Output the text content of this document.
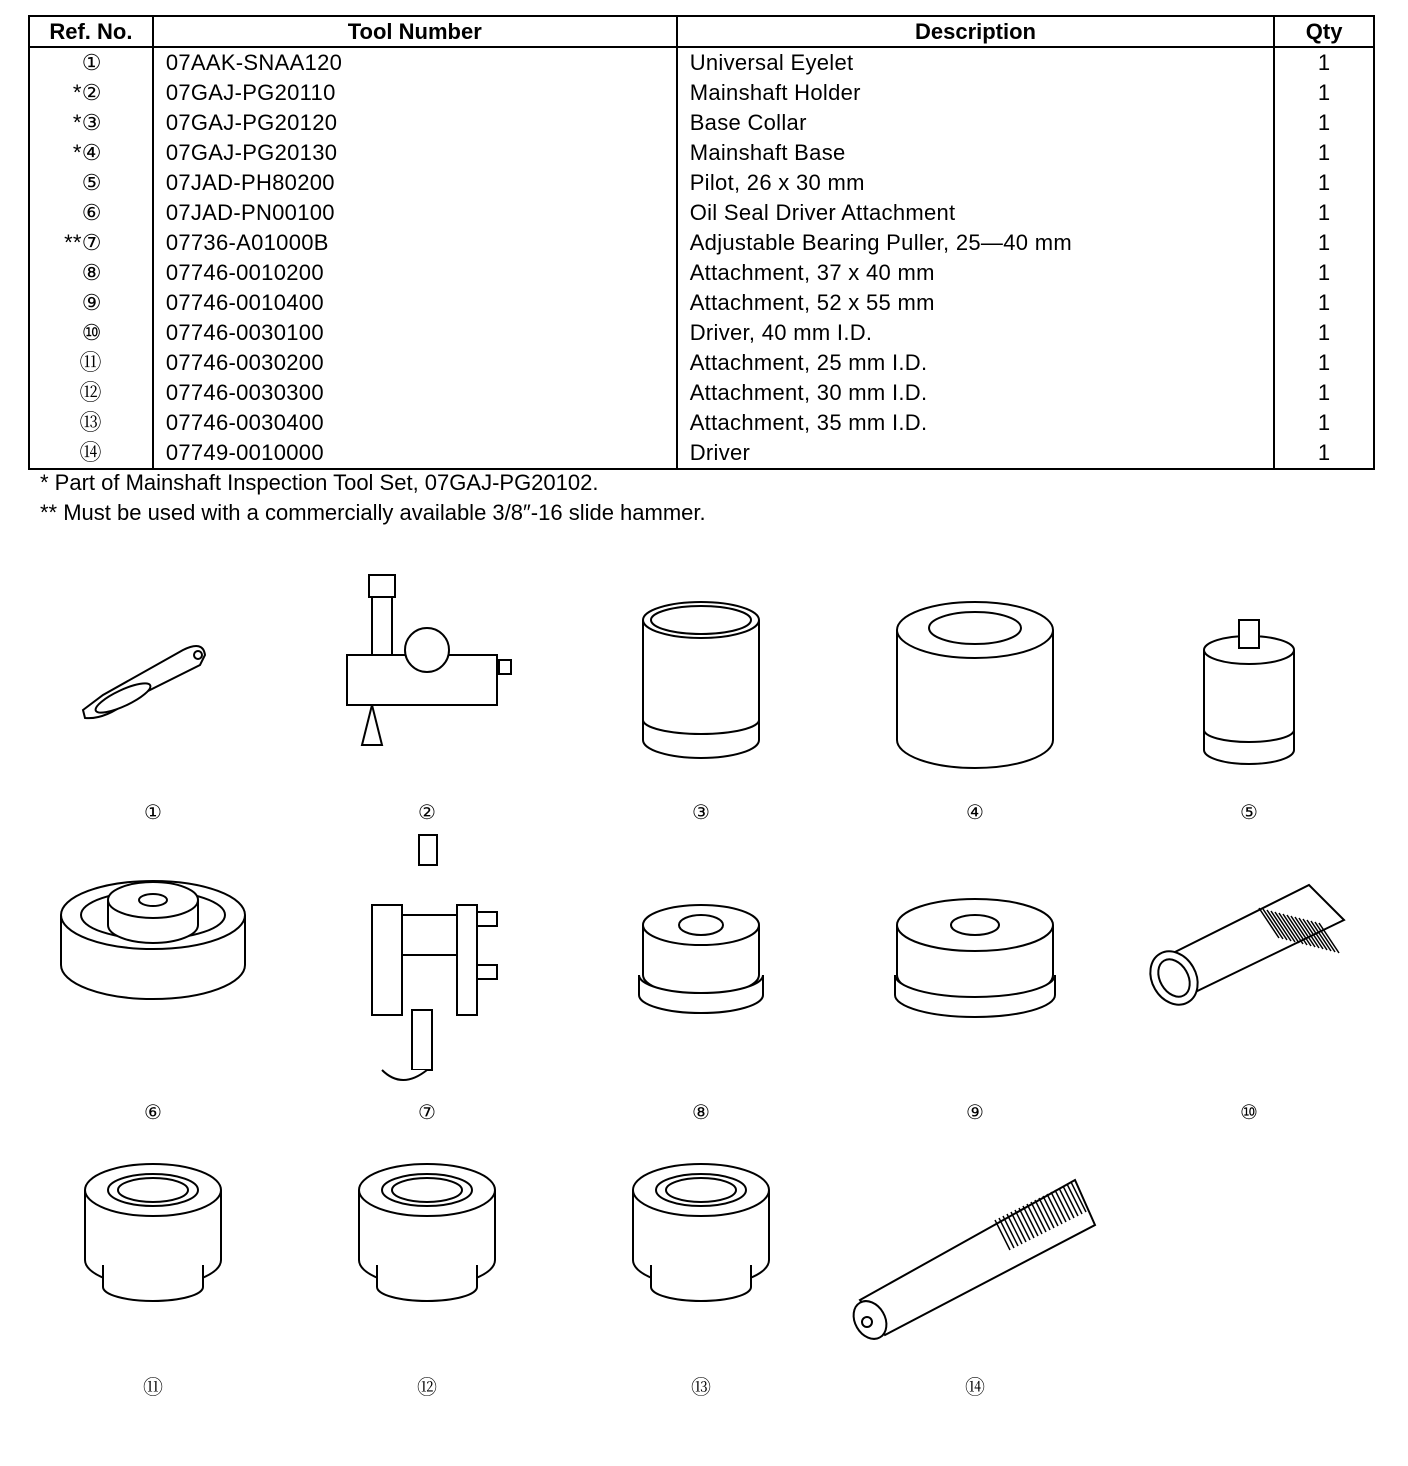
Ref. No.	Tool Number	Description	Qty
①	07AAK-SNAA120	Universal Eyelet	1
*②	07GAJ-PG20110	Mainshaft Holder	1
*③	07GAJ-PG20120	Base Collar	1
*④	07GAJ-PG20130	Mainshaft Base	1
⑤	07JAD-PH80200	Pilot, 26 x 30 mm	1
⑥	07JAD-PN00100	Oil Seal Driver Attachment	1
**⑦	07736-A01000B	Adjustable Bearing Puller, 25—40 mm	1
⑧	07746-0010200	Attachment, 37 x 40 mm	1
⑨	07746-0010400	Attachment, 52 x 55 mm	1
⑩	07746-0030100	Driver, 40 mm I.D.	1
⑪	07746-0030200	Attachment, 25 mm I.D.	1
⑫	07746-0030300	Attachment, 30 mm I.D.	1
⑬	07746-0030400	Attachment, 35 mm I.D.	1
⑭	07749-0010000	Driver	1
* Part of Mainshaft Inspection Tool Set, 07GAJ-PG20102.
** Must be used with a commercially available 3/8″-16 slide hammer.
①	②	③	④	⑤
⑥	⑦	⑧	⑨	⑩
⑪	⑫	⑬	⑭
